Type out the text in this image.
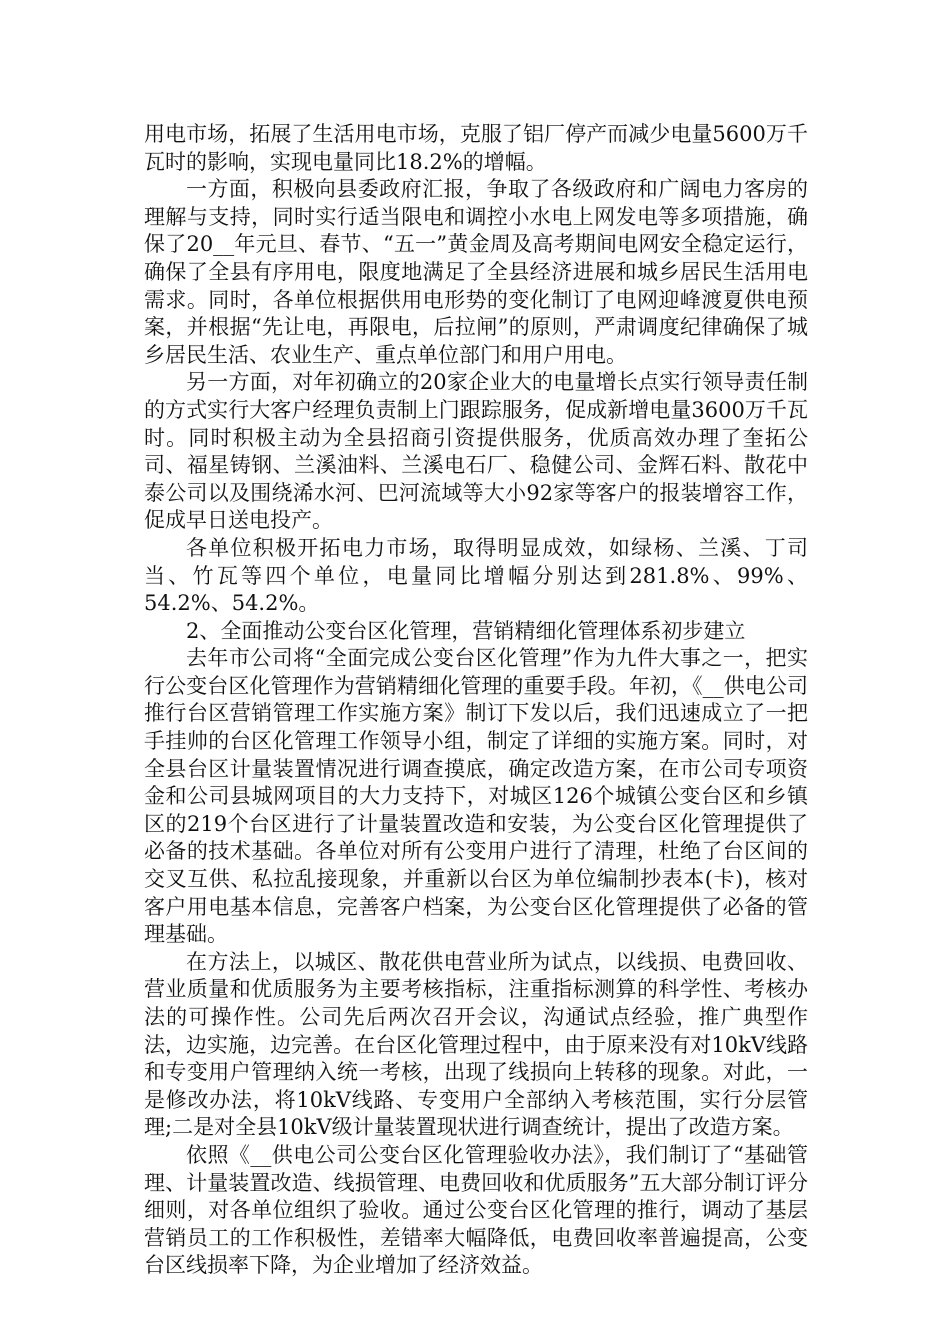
用电市场，拓展了生活用电市场，克服了铝厂停产而减少电量5600万千瓦时的影响，实现电量同比18.2%的增幅。

一方面，积极向县委政府汇报，争取了各级政府和广阔电力客房的理解与支持，同时实行适当限电和调控小水电上网发电等多项措施，确保了20__年元旦、春节、“五一”黄金周及高考期间电网安全稳定运行，确保了全县有序用电，限度地满足了全县经济进展和城乡居民生活用电需求。同时，各单位根据供用电形势的变化制订了电网迎峰渡夏供电预案，并根据“先让电，再限电，后拉闸”的原则，严肃调度纪律确保了城乡居民生活、农业生产、重点单位部门和用户用电。

另一方面，对年初确立的20家企业大的电量增长点实行领导责任制的方式实行大客户经理负责制上门跟踪服务，促成新增电量3600万千瓦时。同时积极主动为全县招商引资提供服务，优质高效办理了奎拓公司、福星铸钢、兰溪油料、兰溪电石厂、稳健公司、金辉石料、散花中泰公司以及围绕浠水河、巴河流域等大小92家等客户的报装增容工作，促成早日送电投产。

各单位积极开拓电力市场，取得明显成效，如绿杨、兰溪、丁司当、竹瓦等四个单位，电量同比增幅分别达到281.8%、99%、54.2%、54.2%。

2、全面推动公变台区化管理，营销精细化管理体系初步建立

去年市公司将“全面完成公变台区化管理”作为九件大事之一，把实行公变台区化管理作为营销精细化管理的重要手段。年初，《__供电公司推行台区营销管理工作实施方案》制订下发以后，我们迅速成立了一把手挂帅的台区化管理工作领导小组，制定了详细的实施方案。同时，对全县台区计量装置情况进行调查摸底，确定改造方案，在市公司专项资金和公司县城网项目的大力支持下，对城区126个城镇公变台区和乡镇区的219个台区进行了计量装置改造和安装，为公变台区化管理提供了必备的技术基础。各单位对所有公变用户进行了清理，杜绝了台区间的交叉互供、私拉乱接现象，并重新以台区为单位编制抄表本(卡)，核对客户用电基本信息，完善客户档案，为公变台区化管理提供了必备的管理基础。

在方法上，以城区、散花供电营业所为试点，以线损、电费回收、营业质量和优质服务为主要考核指标，注重指标测算的科学性、考核办法的可操作性。公司先后两次召开会议，沟通试点经验，推广典型作法，边实施，边完善。在台区化管理过程中，由于原来没有对10kV线路和专变用户管理纳入统一考核，出现了线损向上转移的现象。对此，一是修改办法，将10kV线路、专变用户全部纳入考核范围，实行分层管理;二是对全县10kV级计量装置现状进行调查统计，提出了改造方案。

依照《__供电公司公变台区化管理验收办法》，我们制订了“基础管理、计量装置改造、线损管理、电费回收和优质服务”五大部分制订评分细则，对各单位组织了验收。通过公变台区化管理的推行，调动了基层营销员工的工作积极性，差错率大幅降低，电费回收率普遍提高，公变台区线损率下降，为企业增加了经济效益。
